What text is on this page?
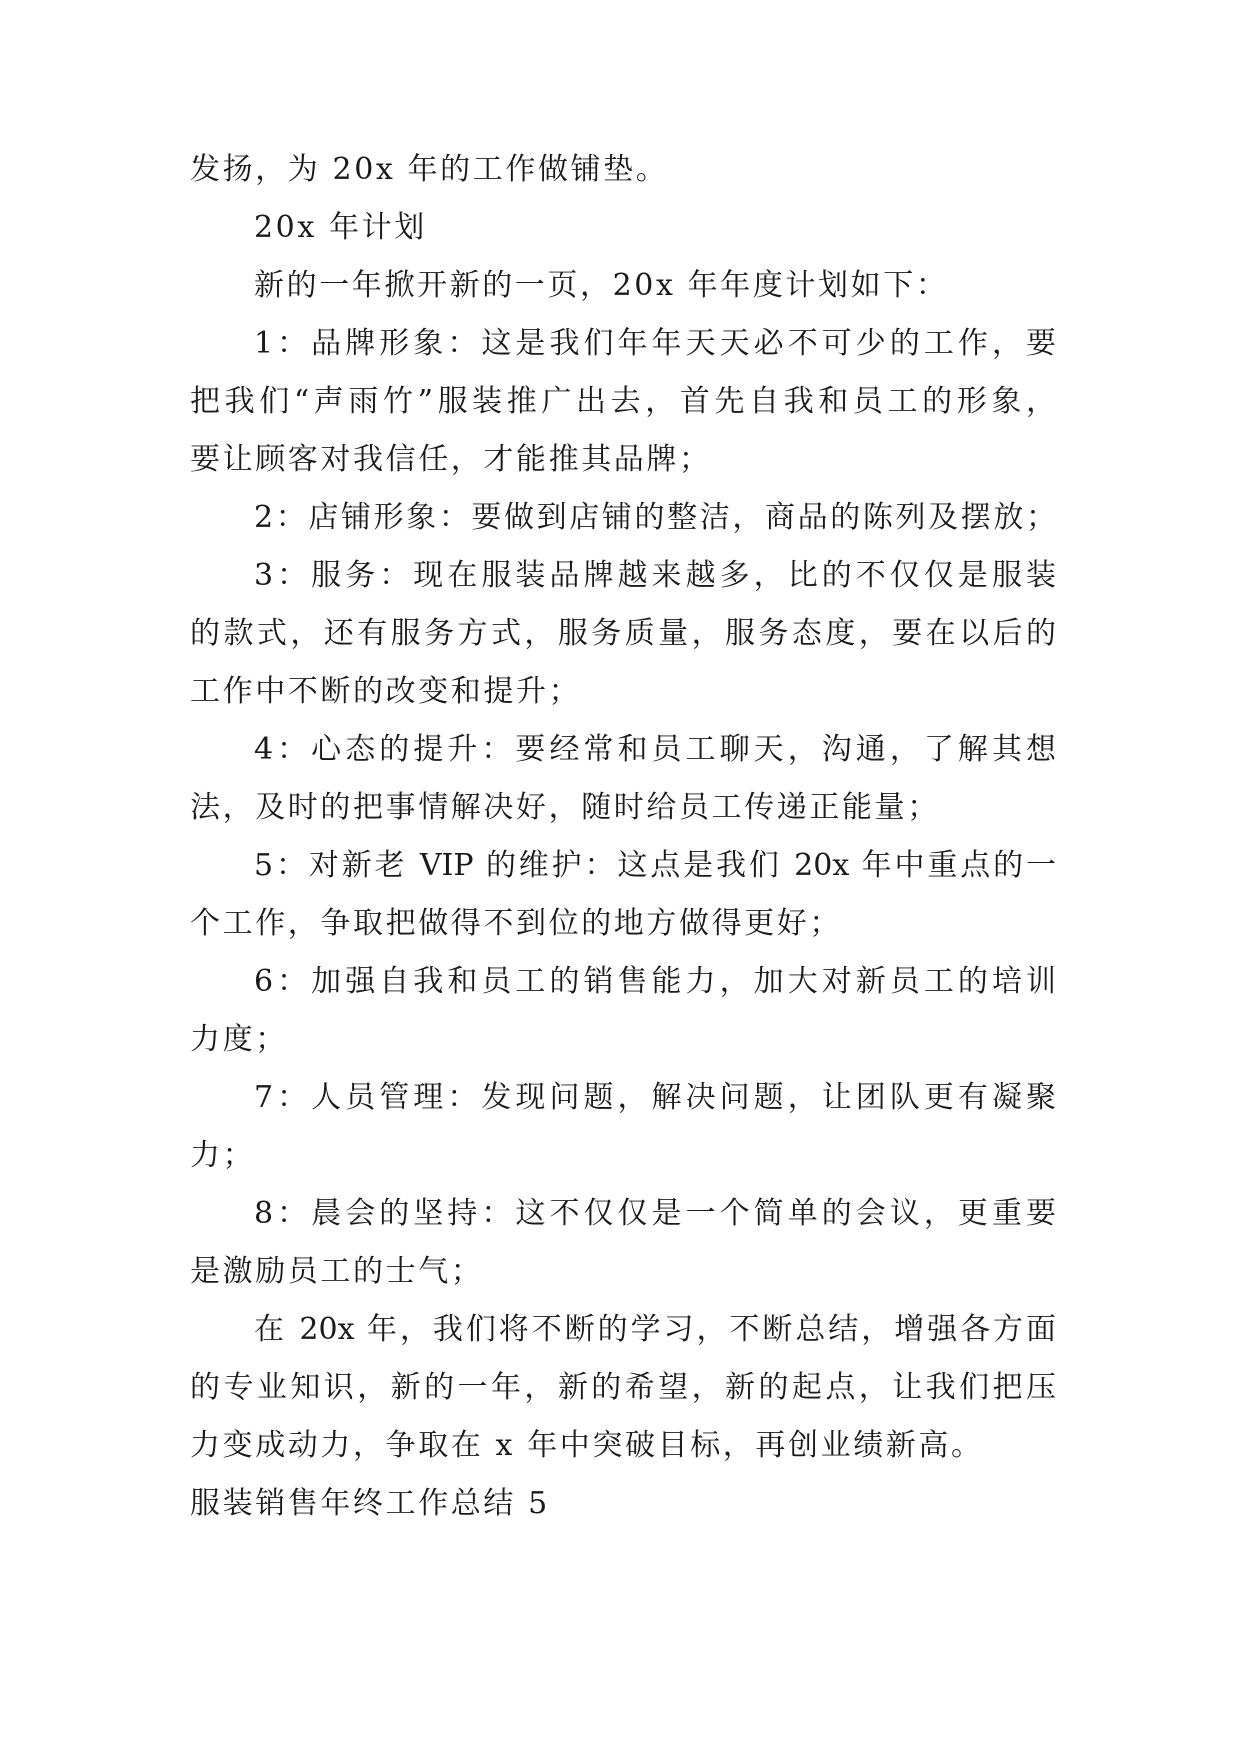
发扬，为 20x 年的工作做铺垫。
20x 年计划
新的一年掀开新的一页，20x 年年度计划如下：
1：品牌形象：这是我们年年天天必不可少的工作，要
把我们“声雨竹”服装推广出去，首先自我和员工的形象，
要让顾客对我信任，才能推其品牌；
2：店铺形象：要做到店铺的整洁，商品的陈列及摆放；
3：服务：现在服装品牌越来越多，比的不仅仅是服装
的款式，还有服务方式，服务质量，服务态度，要在以后的
工作中不断的改变和提升；
4：心态的提升：要经常和员工聊天，沟通，了解其想
法，及时的把事情解决好，随时给员工传递正能量；
5：对新老 VIP 的维护：这点是我们 20x 年中重点的一
个工作，争取把做得不到位的地方做得更好；
6：加强自我和员工的销售能力，加大对新员工的培训
力度；
7：人员管理：发现问题，解决问题，让团队更有凝聚
力；
8：晨会的坚持：这不仅仅是一个简单的会议，更重要
是激励员工的士气；
在 20x 年，我们将不断的学习，不断总结，增强各方面
的专业知识，新的一年，新的希望，新的起点，让我们把压
力变成动力，争取在 x 年中突破目标，再创业绩新高。
服装销售年终工作总结 5
